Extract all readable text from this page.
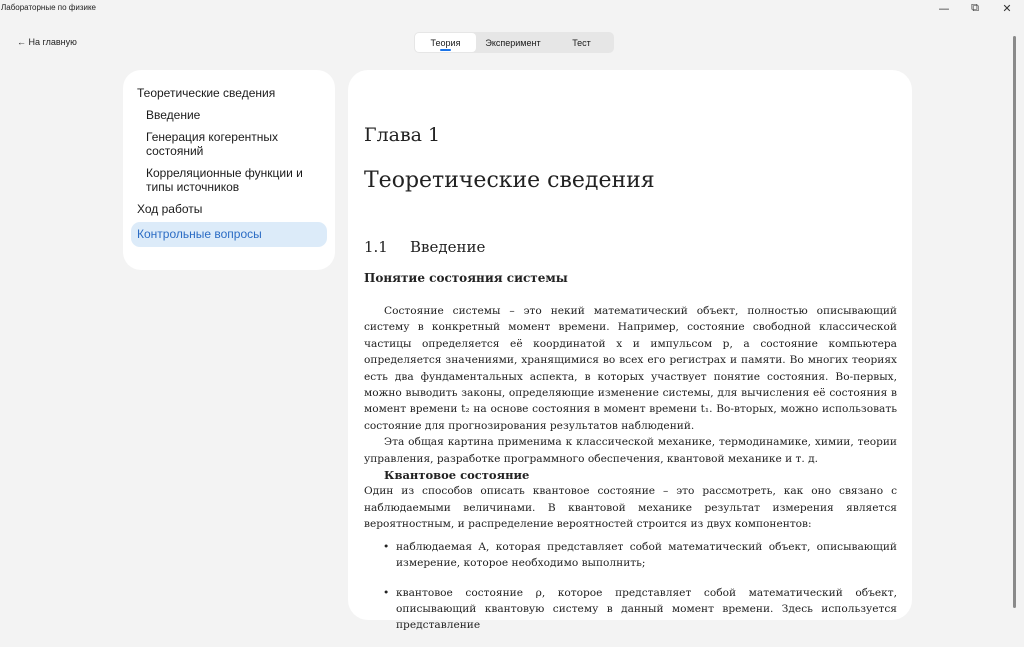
Лабораторные по физике	—	⧉	✕
← На главную	Теория	Эксперимент	Тест
Теоретические сведения
Введение
Генерация когерентных состояний
Корреляционные функции и типы источников
Ход работы
Контрольные вопросы
Глава 1
Теоретические сведения
1.1 Введение
Понятие состояния системы

Состояние системы – это некий математический объект, полностью описывающий систему в конкретный момент времени. Например, состояние свободной классической частицы определяется её координатой x и импульсом p, а состояние компьютера определяется значениями, хранящимися во всех его регистрах и памяти. Во многих теориях есть два фундаментальных аспекта, в которых участвует понятие состояния. Во-первых, можно выводить законы, определяющие изменение системы, для вычисления её состояния в момент времени t₂ на основе состояния в момент времени t₁. Во-вторых, можно использовать состояние для прогнозирования результатов наблюдений.

Эта общая картина применима к классической механике, термодинамике, химии, теории управления, разработке программного обеспечения, квантовой механике и т. д.

Квантовое состояние

Один из способов описать квантовое состояние – это рассмотреть, как оно связано с наблюдаемыми величинами. В квантовой механике результат измерения является вероятностным, и распределение вероятностей строится из двух компонентов:

• наблюдаемая A, которая представляет собой математический объект, описывающий измерение, которое необходимо выполнить;
• квантовое состояние ρ, которое представляет собой математический объект, описывающий квантовую систему в данный момент времени. Здесь используется представление
